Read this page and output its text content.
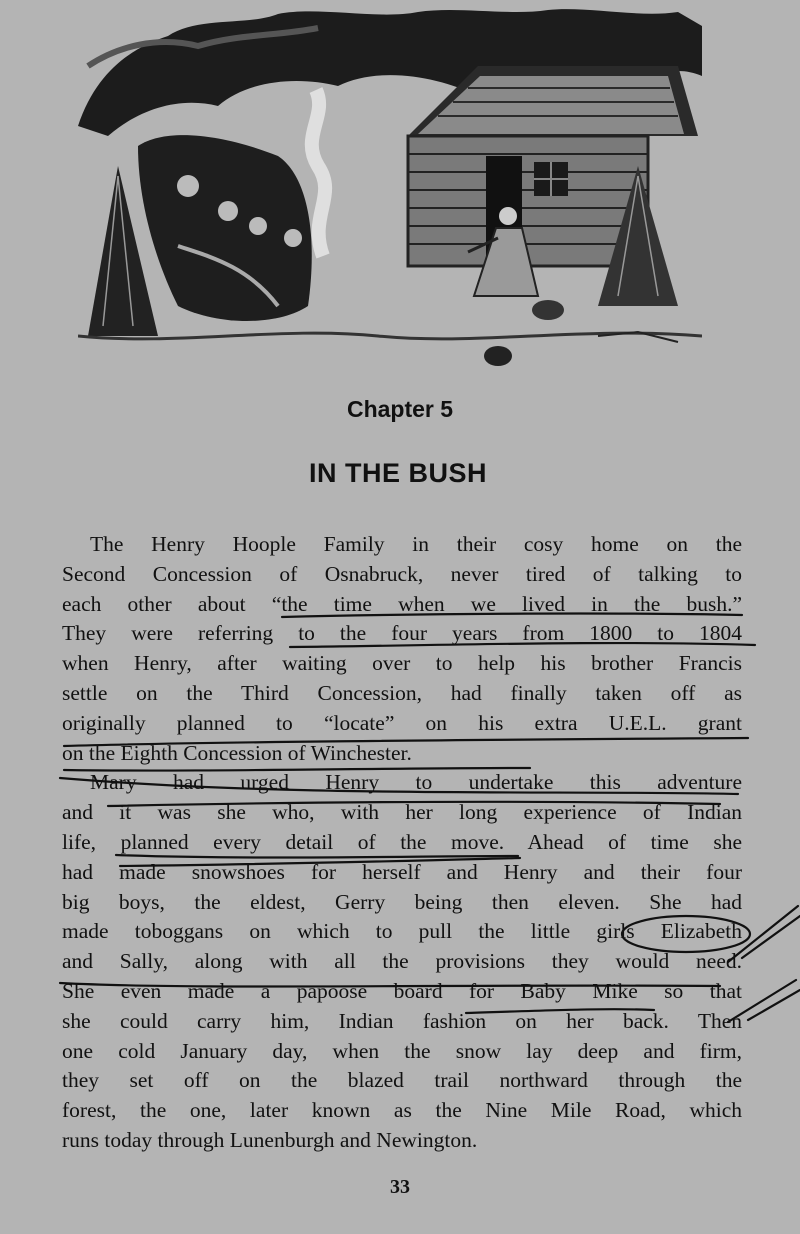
Chapter 5
IN THE BUSH
The Henry Hoople Family in their cosy home on the
Second Concession of Osnabruck, never tired of talking to
each other about “the time when we lived in the bush.”
They were referring to the four years from 1800 to 1804
when Henry, after waiting over to help his brother Francis
settle on the Third Concession, had finally taken off as
originally planned to “locate” on his extra U.E.L. grant
on the Eighth Concession of Winchester.
Mary had urged Henry to undertake this adventure
and it was she who, with her long experience of Indian
life, planned every detail of the move. Ahead of time she
had made snowshoes for herself and Henry and their four
big boys, the eldest, Gerry being then eleven. She had
made toboggans on which to pull the little girls Elizabeth
and Sally, along with all the provisions they would need.
She even made a papoose board for Baby Mike so that
she could carry him, Indian fashion on her back. Then
one cold January day, when the snow lay deep and firm,
they set off on the blazed trail northward through the
forest, the one, later known as the Nine Mile Road, which
runs today through Lunenburgh and Newington.
33
